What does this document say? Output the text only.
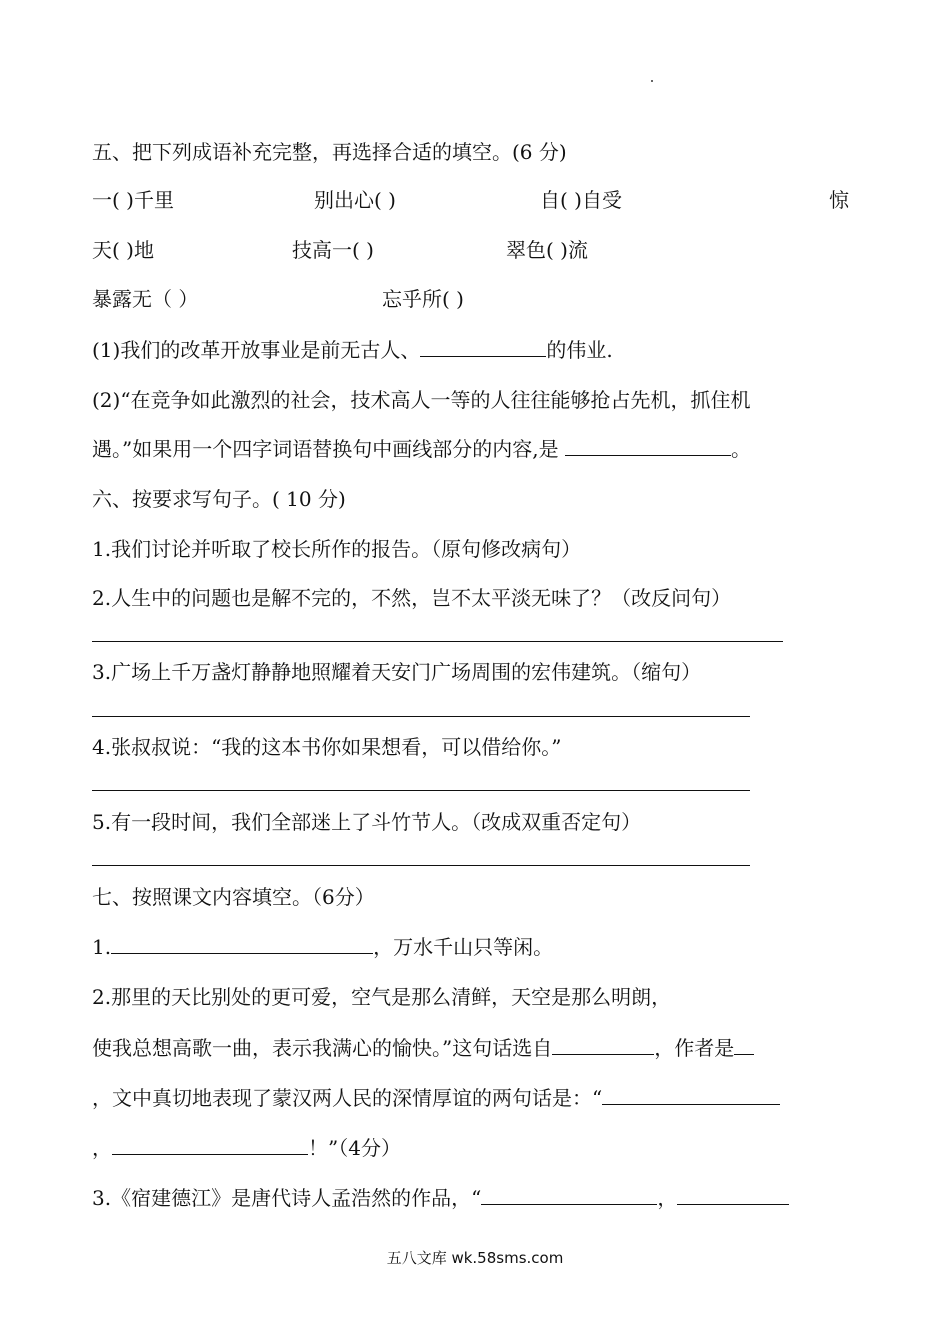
五、把下列成语补充完整，再选择合适的填空。(6 分)
一( )千里	别出心( )	自( )自受	惊
天( )地	技高一( )	翠色( )流
暴露无（ ）	忘乎所( )
(1)我们的改革开放事业是前无古人、	的伟业.
(2)“在竞争如此激烈的社会，技术高人一等的人往往能够抢占先机，抓住机
遇。”如果用一个四字词语替换句中画线部分的内容,是	。
六、按要求写句子。( 10 分)
1.我们讨论并听取了校长所作的报告。（原句修改病句）
2.人生中的问题也是解不完的，不然，岂不太平淡无味了？（改反问句）
3.广场上千万盏灯静静地照耀着天安门广场周围的宏伟建筑。（缩句）
4.张叔叔说：“我的这本书你如果想看，可以借给你。”
5.有一段时间，我们全部迷上了斗竹节人。（改成双重否定句）
七、按照课文内容填空。（6分）
1.	，万水千山只等闲。
2.那里的天比别处的更可爱，空气是那么清鲜，天空是那么明朗，
使我总想高歌一曲，表示我满心的愉快。”这句话选自	，作者是
，文中真切地表现了蒙汉两人民的深情厚谊的两句话是：“
，	！”（4分）
3.《宿建德江》是唐代诗人孟浩然的作品，“	，
五八文库 wk.58sms.com
